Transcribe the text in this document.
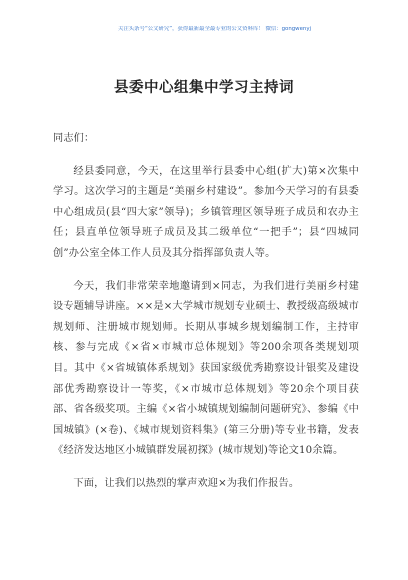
关注头条号“公文研究”，获得最新最全最专业的公文资料库！ 微信：gongwenyj
县委中心组集中学习主持词

同志们：

经县委同意，今天，在这里举行县委中心组(扩大)第×次集中学习。这次学习的主题是“美丽乡村建设”。参加今天学习的有县委中心组成员(县“四大家”领导)；乡镇管理区领导班子成员和农办主任；县直单位领导班子成员及其二级单位“一把手”；县“四城同创”办公室全体工作人员及其分指挥部负责人等。

今天，我们非常荣幸地邀请到×同志，为我们进行美丽乡村建设专题辅导讲座。××是×大学城市规划专业硕士、教授级高级城市规划师、注册城市规划师。长期从事城乡规划编制工作，主持审核、参与完成《×省×市城市总体规划》等200余项各类规划项目。其中《×省城镇体系规划》获国家级优秀勘察设计银奖及建设部优秀勘察设计一等奖，《×市城市总体规划》等20余个项目获部、省各级奖项。主编《×省小城镇规划编制问题研究》、参编《中国城镇》(×卷)、《城市规划资料集》(第三分册)等专业书籍，发表《经济发达地区小城镇群发展初探》(城市规划)等论文10余篇。

下面，让我们以热烈的掌声欢迎×为我们作报告。
